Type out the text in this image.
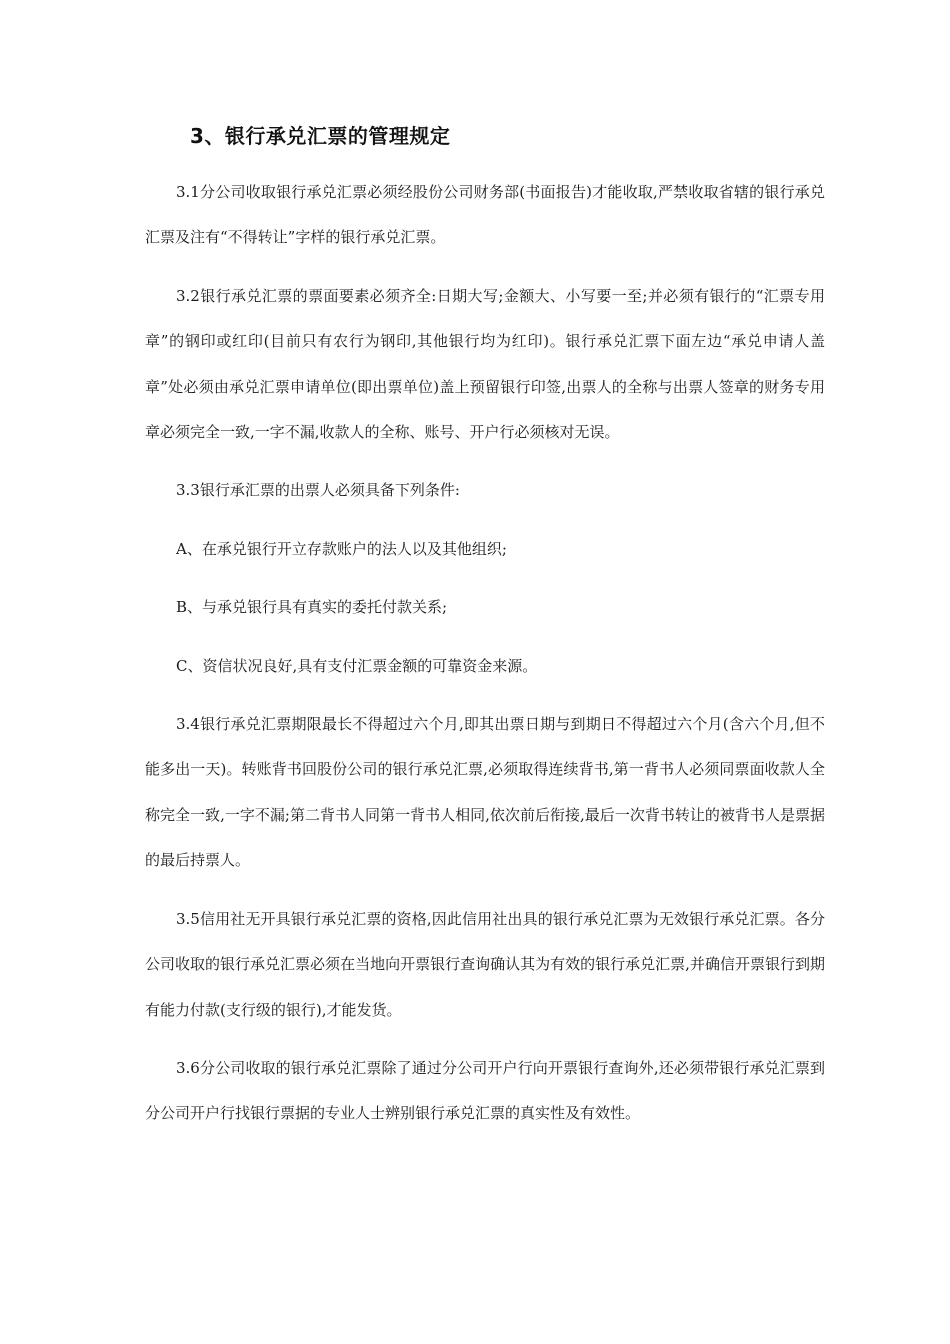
3、银行承兑汇票的管理规定

3.1分公司收取银行承兑汇票必须经股份公司财务部(书面报告)才能收取,严禁收取省辖的银行承兑汇票及注有“不得转让”字样的银行承兑汇票。

3.2银行承兑汇票的票面要素必须齐全:日期大写;金额大、小写要一至;并必须有银行的“汇票专用章”的钢印或红印(目前只有农行为钢印,其他银行均为红印)。银行承兑汇票下面左边“承兑申请人盖章”处必须由承兑汇票申请单位(即出票单位)盖上预留银行印签,出票人的全称与出票人签章的财务专用章必须完全一致,一字不漏,收款人的全称、账号、开户行必须核对无误。

3.3银行承汇票的出票人必须具备下列条件:

A、在承兑银行开立存款账户的法人以及其他组织;

B、与承兑银行具有真实的委托付款关系;

C、资信状况良好,具有支付汇票金额的可靠资金来源。

3.4银行承兑汇票期限最长不得超过六个月,即其出票日期与到期日不得超过六个月(含六个月,但不能多出一天)。转账背书回股份公司的银行承兑汇票,必须取得连续背书,第一背书人必须同票面收款人全称完全一致,一字不漏;第二背书人同第一背书人相同,依次前后衔接,最后一次背书转让的被背书人是票据的最后持票人。

3.5信用社无开具银行承兑汇票的资格,因此信用社出具的银行承兑汇票为无效银行承兑汇票。各分公司收取的银行承兑汇票必须在当地向开票银行查询确认其为有效的银行承兑汇票,并确信开票银行到期有能力付款(支行级的银行),才能发货。

3.6分公司收取的银行承兑汇票除了通过分公司开户行向开票银行查询外,还必须带银行承兑汇票到分公司开户行找银行票据的专业人士辨别银行承兑汇票的真实性及有效性。
